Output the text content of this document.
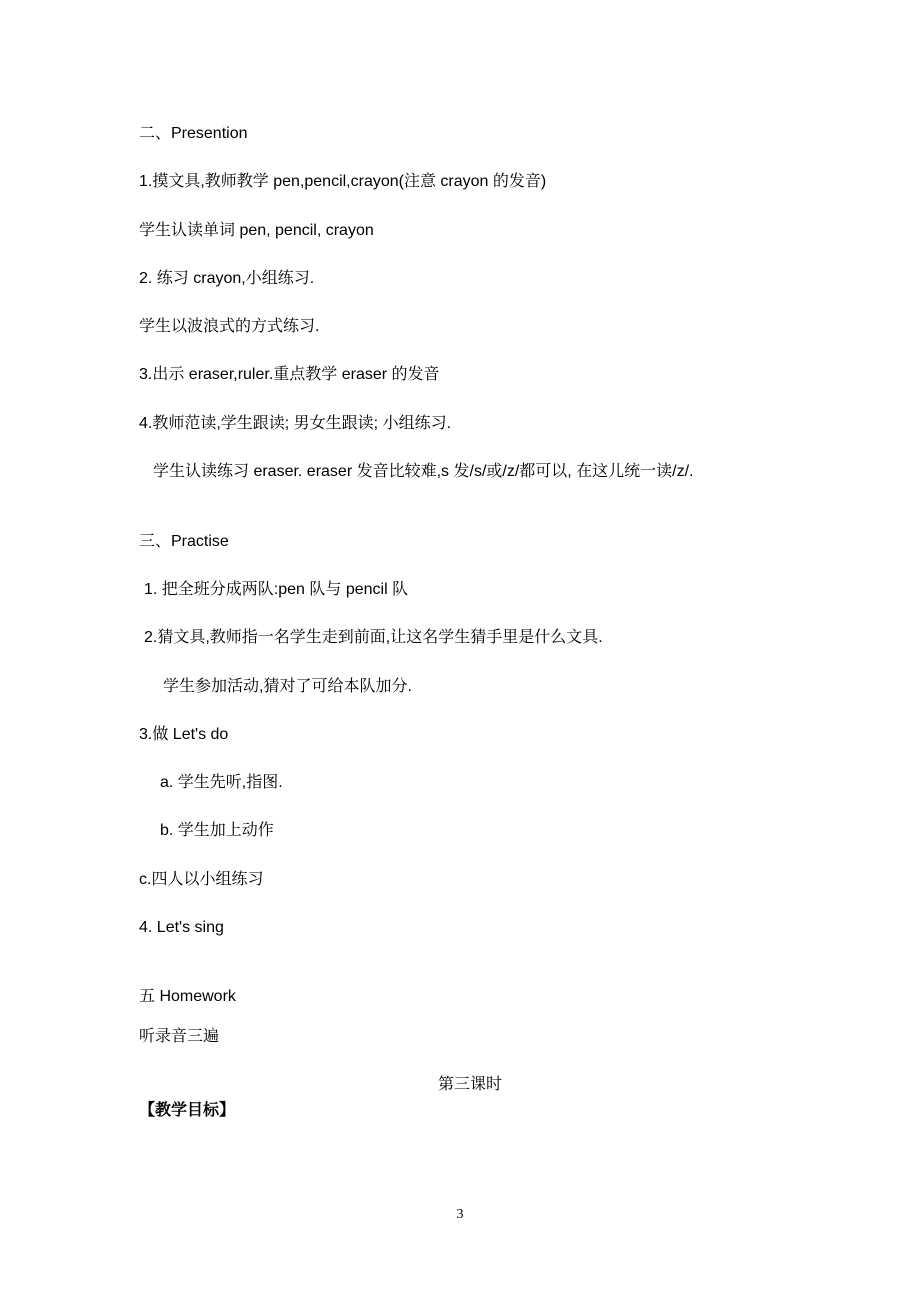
二、Presention
1.摸文具,教师教学 pen,pencil,crayon(注意 crayon 的发音)
学生认读单词 pen, pencil, crayon
2. 练习 crayon,小组练习.
学生以波浪式的方式练习.
3.出示 eraser,ruler.重点教学 eraser 的发音
4.教师范读,学生跟读; 男女生跟读; 小组练习.
学生认读练习 eraser. eraser 发音比较难,s 发/s/或/z/都可以, 在这儿统一读/z/.
三、Practise
1. 把全班分成两队:pen 队与 pencil 队
2.猜文具,教师指一名学生走到前面,让这名学生猜手里是什么文具.
学生参加活动,猜对了可给本队加分.
3.做 Let's do
a. 学生先听,指图.
b. 学生加上动作
c.四人以小组练习
4. Let's sing
五 Homework
听录音三遍
第三课时
【教学目标】
3
